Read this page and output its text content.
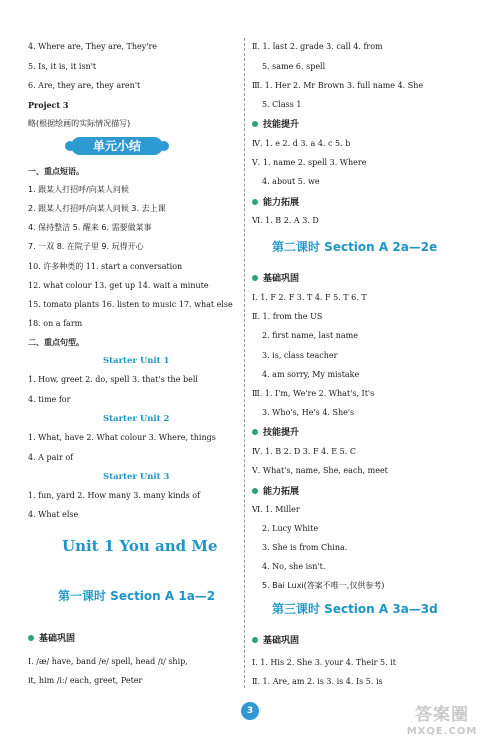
4. Where are, They are, They're
5. Is, it is, it isn't
6. Are, they are, they aren't
Project 3
略(根据绘画的实际情况描写)
一、重点短语。
1. 跟某人打招呼/向某人问候
2. 跟某人打招呼/向某人问候 3. 去上课
4. 保持整洁 5. 醒来 6. 需要做某事
7. 一双 8. 在院子里 9. 玩得开心
10. 许多种类的 11. start a conversation
12. what colour 13. get up 14. wait a minute
15. tomato plants 16. listen to music 17. what else
18. on a farm
二、重点句型。
Starter Unit 1
1. How, greet 2. do, spell 3. that's the bell
4. time for
Starter Unit 2
1. What, have 2. What colour 3. Where, things
4. A pair of
Starter Unit 3
1. fun, yard 2. How many 3. many kinds of
4. What else
Unit 1 You and Me
第一课时 Section A 1a—2
基础巩固
Ⅰ. /æ/ have, band /e/ spell, head /ɪ/ ship,
it, him /iː/ each, greet, Peter
单元小结
Ⅱ. 1. last 2. grade 3. call 4. from
5. same 6. spell
Ⅲ. 1. Her 2. Mr Brown 3. full name 4. She
5. Class 1
技能提升
Ⅳ. 1. e 2. d 3. a 4. c 5. b
Ⅴ. 1. name 2. spell 3. Where
4. about 5. we
能力拓展
Ⅵ. 1. B 2. A 3. D
第二课时 Section A 2a—2e
基础巩固
Ⅰ. 1. F 2. F 3. T 4. F 5. T 6. T
Ⅱ. 1. from the US
2. first name, last name
3. is, class teacher
4. am sorry, My mistake
Ⅲ. 1. I'm, We're 2. What's, It's
3. Who's, He's 4. She's
技能提升
Ⅳ. 1. B 2. D 3. F 4. E 5. C
Ⅴ. What's, name, She, each, meet
能力拓展
Ⅵ. 1. Miller
2. Lucy White
3. She is from China.
4. No, she isn't.
5. Bai Luxi(答案不唯一,仅供参考)
第三课时 Section A 3a—3d
基础巩固
Ⅰ. 1. His 2. She 3. your 4. Their 5. it
Ⅱ. 1. Are, am 2. is 3. is 4. Is 5. is
3	答案圈
MXQE.COM
